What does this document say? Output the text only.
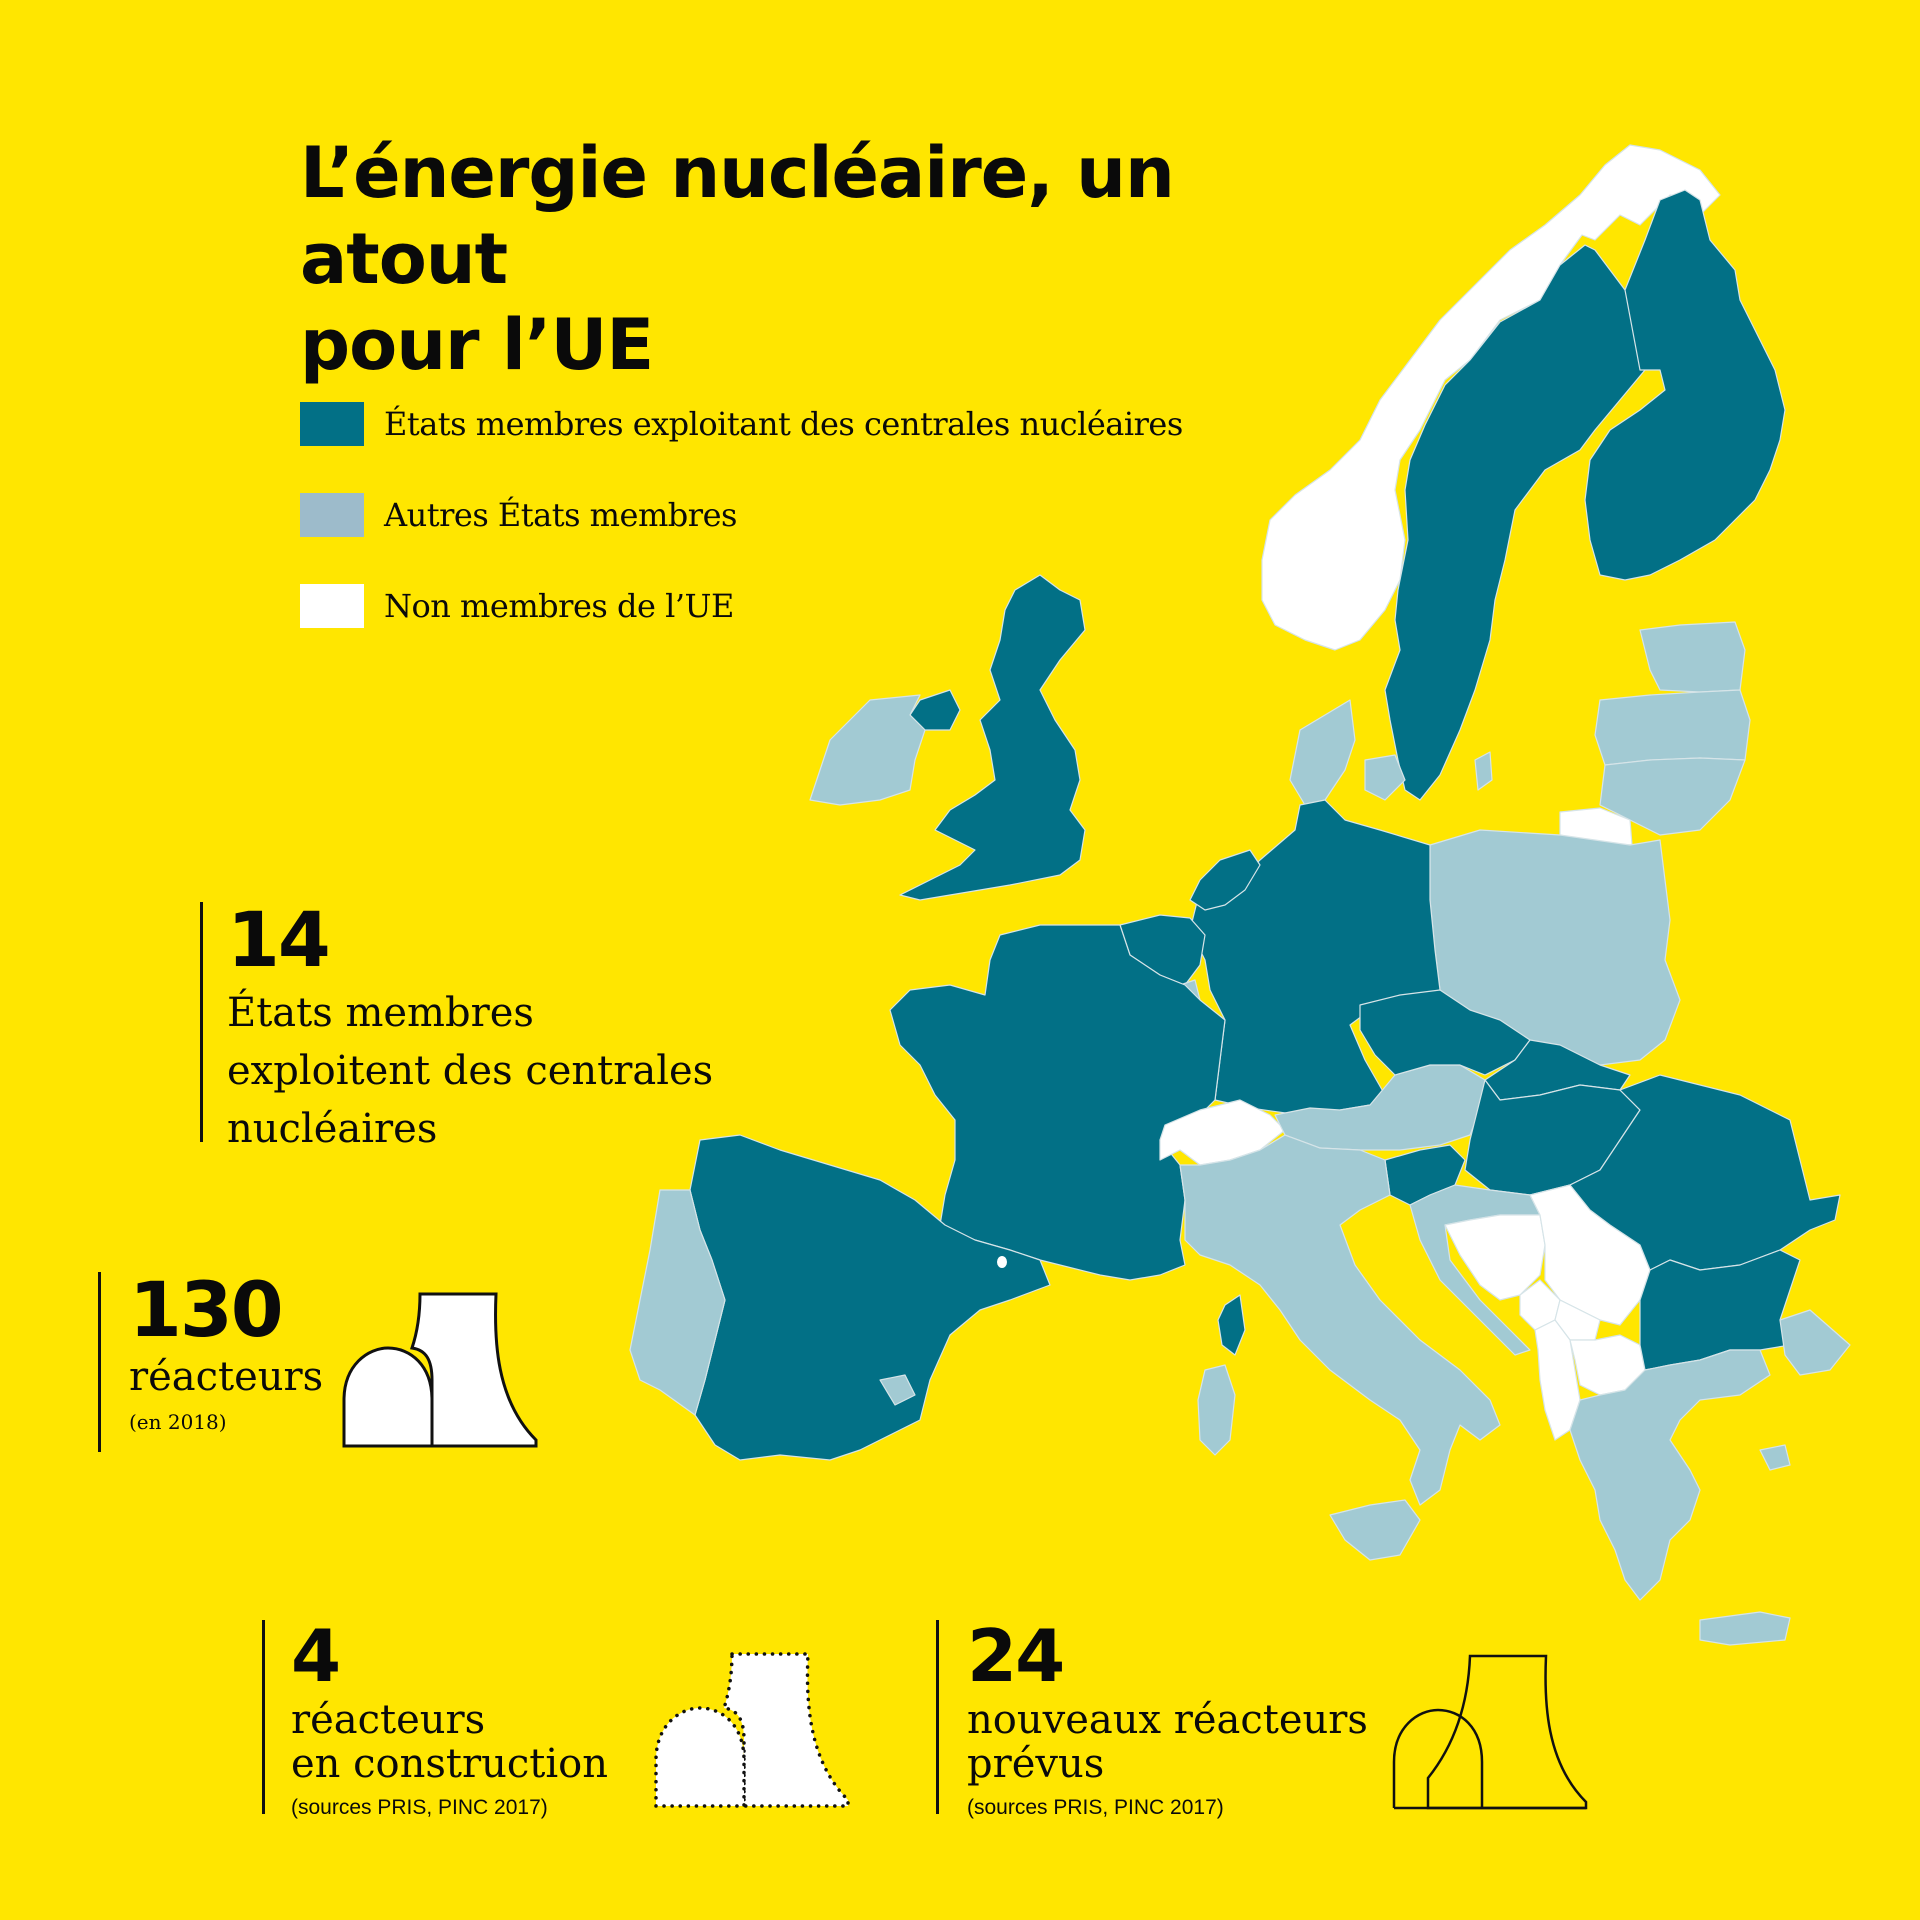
L’énergie nucléaire, un atout
pour l’UE
États membres exploitant des centrales nucléaires
Autres États membres
Non membres de l’UE
14
États membres
exploitent des centrales
nucléaires
130
réacteurs
(en 2018)
4
réacteurs
en construction
(sources PRIS, PINC 2017)
24
nouveaux réacteurs
prévus
(sources PRIS, PINC 2017)
